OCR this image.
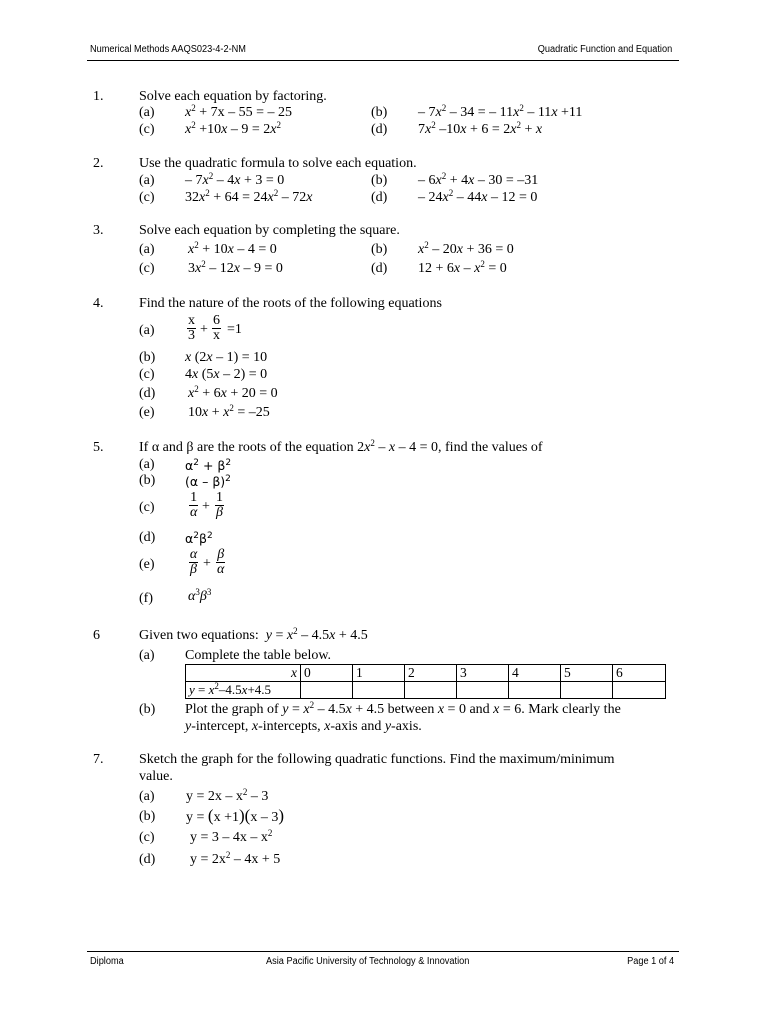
Numerical Methods AAQS023-4-2-NM	Quadratic Function and Equation
1.	Solve each equation by factoring.
(a) $x^2 + 7x - 55$ = – 25	$(b) - 7x^2 - 34$ = – $11x^2 - 11x +11$
(c) $x^2 +10x - 9 = 2x^2$	(d) $7x^2$ $-10x + 6 = 2x^2 + x$
2.	Use the quadratic formula to solve each equation.
$(a) - 7x^2 - 4x + 3 = 0$	$(b) - 6x^2 + 4x - 30 = -31$
(c) $32x^2 + 64 = 24x^2 - 72x$	$(d) - 24x^2 - 44x - 12 = 0$
3.	Solve each equation by completing the square.
(a) $x^2 + 10x - 4 = 0$	(b) $x^2 - 20x + 36 = 0$
(c) $3x^2 - 12x - 9 = 0$	(d) $12 + 6x - x^2 = 0$
4.	Find the nature of the roots of the following equations
$(a) \frac{x}{3} + \frac{6}{x} =1$
(b) x (2x – 1) = 10
(c) 4x (5x – 2) = 0
(d) $x^2 + 6x + 20 = 0$
(e) $10x + x^2 = -25$
5.	If α and β are the roots of the equation $2x^2 - x - 4 = 0$, find the values of
(a) $\alpha^2 + \beta^2$
(b) (α – β)$^2$
$(c) \frac{1}{\alpha} + \frac{1}{\beta}$
(d) $\alpha^2\beta^2$
$(e) \frac{\alpha}{\beta} + \frac{\beta}{\alpha}$
(f)	$\alpha^3\beta^3$
6	Given two equations: $y = x^2 - 4.5x + 4.5$
(a) Complete the table below.
x	0	1	2	3	4	5	6
$y = x^2-4.5x+4.5$							
(b) Plot the graph of $y = x^2 - 4.5x + 4.5$ between x = 0 and x = 6. Mark clearly the
y-intercept, x-intercepts, x-axis and y-axis.
7.	Sketch the graph for the following quadratic functions. Find the maximum/minimum
value.
(a) $y = 2x - x^2 - 3$
(b) y = (x +1)(x – 3)
(c)	$y = 3 - 4x - x^2$
(d) $y = 2x^2 - 4x + 5$
Diploma	Asia Pacific University of Technology & Innovation	Page 1 of 4
